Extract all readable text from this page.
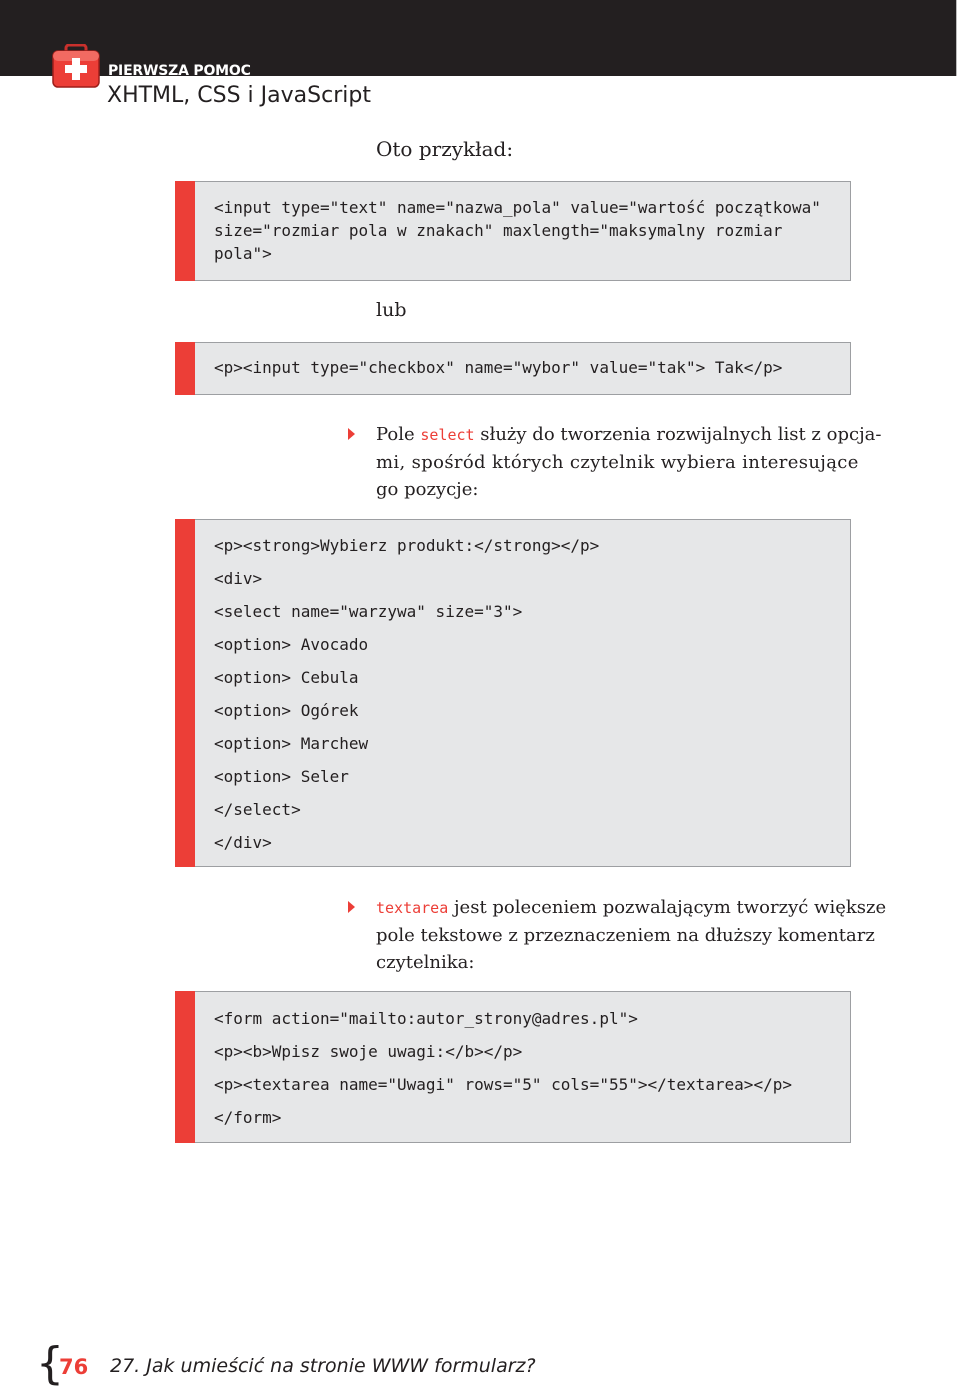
PIERWSZA POMOC
XHTML, CSS i JavaScript
Oto przykład:
<input type="text" name="nazwa_pola" value="wartość początkowa"
size="rozmiar pola w znakach" maxlength="maksymalny rozmiar
pola">
lub
<p><input type="checkbox" name="wybor" value="tak"> Tak</p>
Pole select służy do tworzenia rozwijalnych list z opcja-
mi, spośród których czytelnik wybiera interesujące
go pozycje:
<p><strong>Wybierz produkt:</strong></p>
<div>
<select name="warzywa" size="3">
<option> Avocado
<option> Cebula
<option> Ogórek
<option> Marchew
<option> Seler
</select>
</div>
textarea jest poleceniem pozwalającym tworzyć większe
pole tekstowe z przeznaczeniem na dłuższy komentarz
czytelnika:
<form action="mailto:autor_strony@adres.pl">
<p><b>Wpisz swoje uwagi:</b></p>
<p><textarea name="Uwagi" rows="5" cols="55"></textarea></p>
</form>
{
76 27. Jak umieścić na stronie WWW formularz?
